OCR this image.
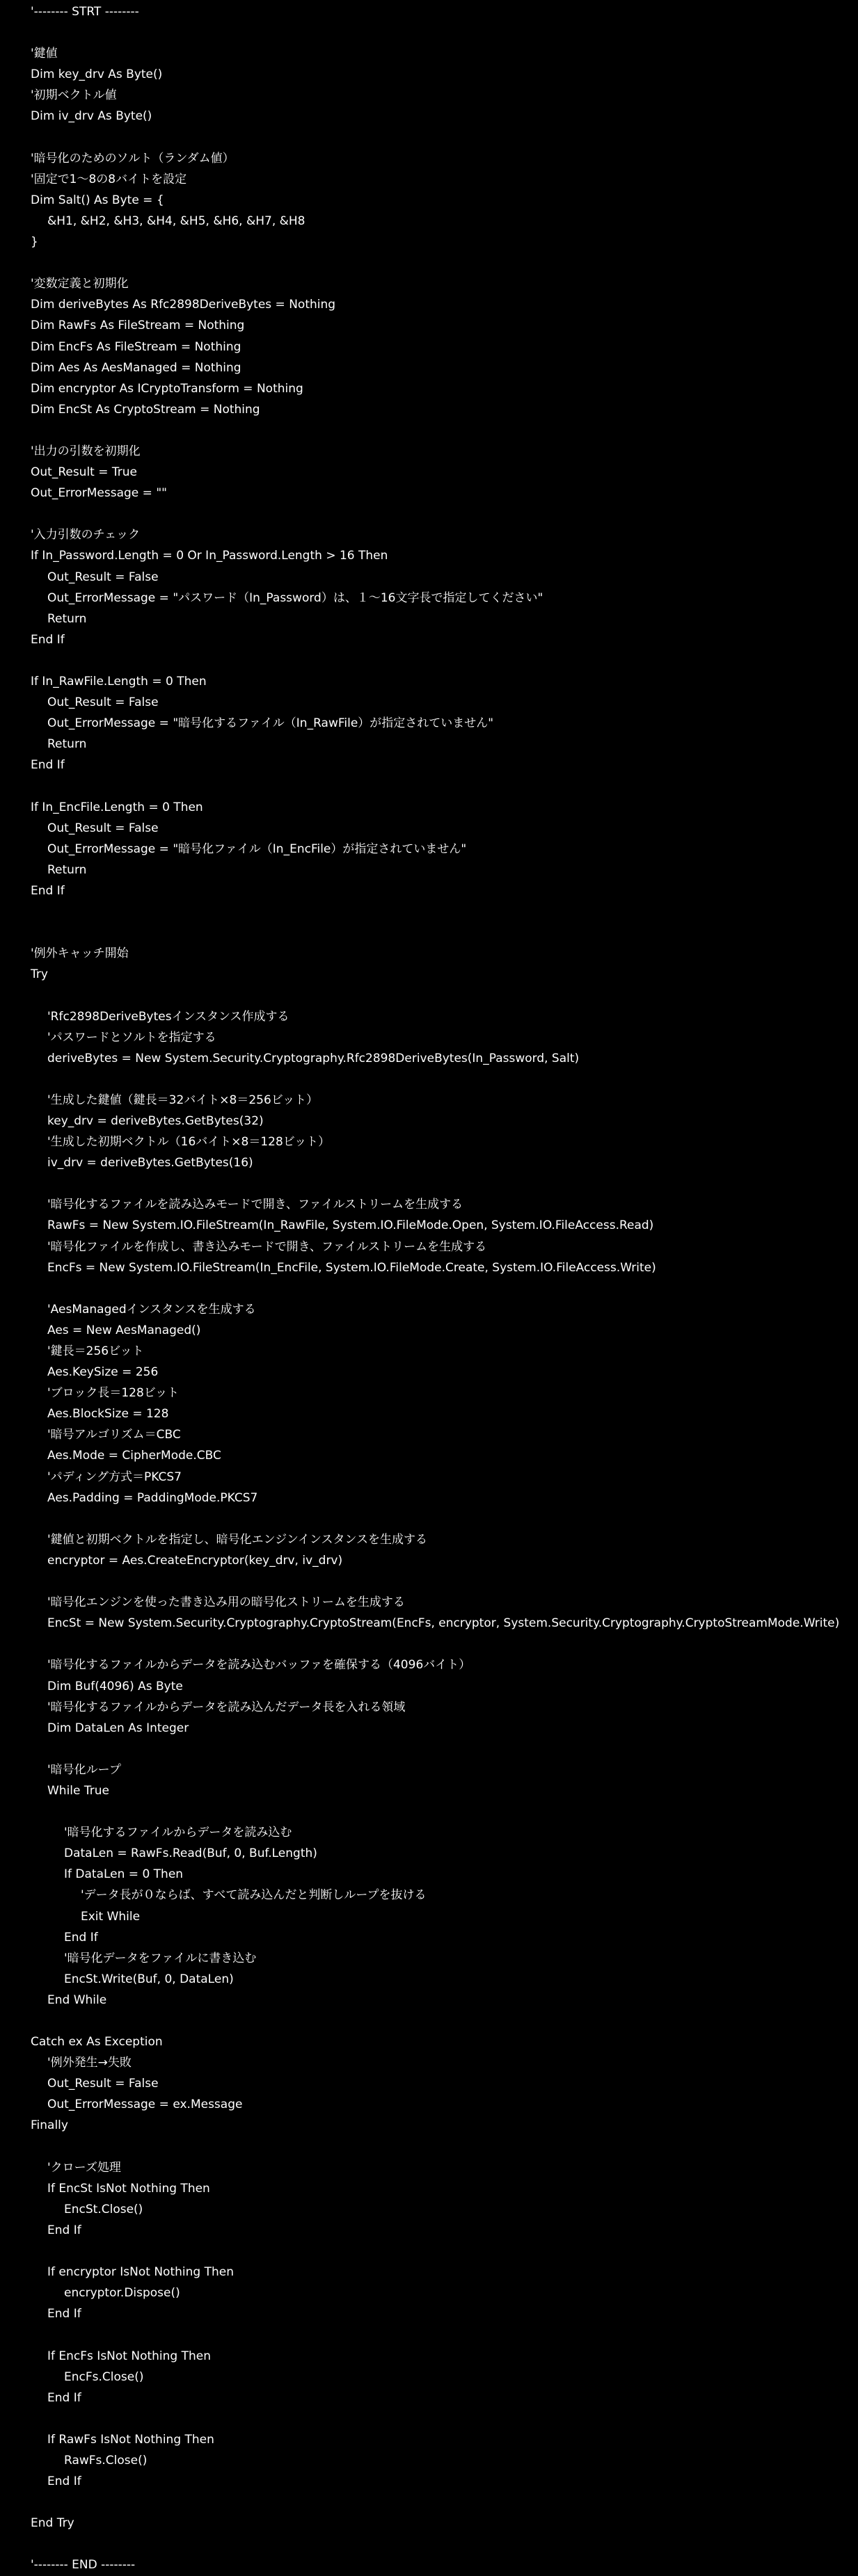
'-------- STRT --------
'鍵値
Dim key_drv As Byte()
'初期ベクトル値
Dim iv_drv As Byte()
'暗号化のためのソルト（ランダム値）
'固定で1～8の8バイトを設定
Dim Salt() As Byte = {
&H1, &H2, &H3, &H4, &H5, &H6, &H7, &H8
}
'変数定義と初期化
Dim deriveBytes As Rfc2898DeriveBytes = Nothing
Dim RawFs As FileStream = Nothing
Dim EncFs As FileStream = Nothing
Dim Aes As AesManaged = Nothing
Dim encryptor As ICryptoTransform = Nothing
Dim EncSt As CryptoStream = Nothing
'出力の引数を初期化
Out_Result = True
Out_ErrorMessage = ""
'入力引数のチェック
If In_Password.Length = 0 Or In_Password.Length > 16 Then
Out_Result = False
Out_ErrorMessage = "パスワード（In_Password）は、１～16文字長で指定してください"
Return
End If
If In_RawFile.Length = 0 Then
Out_Result = False
Out_ErrorMessage = "暗号化するファイル（In_RawFile）が指定されていません"
Return
End If
If In_EncFile.Length = 0 Then
Out_Result = False
Out_ErrorMessage = "暗号化ファイル（In_EncFile）が指定されていません"
Return
End If
'例外キャッチ開始
Try
'Rfc2898DeriveBytesインスタンス作成する
'パスワードとソルトを指定する
deriveBytes = New System.Security.Cryptography.Rfc2898DeriveBytes(In_Password, Salt)
'生成した鍵値（鍵長＝32バイト×8＝256ビット）
key_drv = deriveBytes.GetBytes(32)
'生成した初期ベクトル（16バイト×8＝128ビット）
iv_drv = deriveBytes.GetBytes(16)
'暗号化するファイルを読み込みモードで開き、ファイルストリームを生成する
RawFs = New System.IO.FileStream(In_RawFile, System.IO.FileMode.Open, System.IO.FileAccess.Read)
'暗号化ファイルを作成し、書き込みモードで開き、ファイルストリームを生成する
EncFs = New System.IO.FileStream(In_EncFile, System.IO.FileMode.Create, System.IO.FileAccess.Write)
'AesManagedインスタンスを生成する
Aes = New AesManaged()
'鍵長＝256ビット
Aes.KeySize = 256
'ブロック長＝128ビット
Aes.BlockSize = 128
'暗号アルゴリズム＝CBC
Aes.Mode = CipherMode.CBC
'パディング方式＝PKCS7
Aes.Padding = PaddingMode.PKCS7
'鍵値と初期ベクトルを指定し、暗号化エンジンインスタンスを生成する
encryptor = Aes.CreateEncryptor(key_drv, iv_drv)
'暗号化エンジンを使った書き込み用の暗号化ストリームを生成する
EncSt = New System.Security.Cryptography.CryptoStream(EncFs, encryptor, System.Security.Cryptography.CryptoStreamMode.Write)
'暗号化するファイルからデータを読み込むバッファを確保する（4096バイト）
Dim Buf(4096) As Byte
'暗号化するファイルからデータを読み込んだデータ長を入れる領域
Dim DataLen As Integer
'暗号化ループ
While True
'暗号化するファイルからデータを読み込む
DataLen = RawFs.Read(Buf, 0, Buf.Length)
If DataLen = 0 Then
'データ長が０ならば、すべて読み込んだと判断しループを抜ける
Exit While
End If
'暗号化データをファイルに書き込む
EncSt.Write(Buf, 0, DataLen)
End While
Catch ex As Exception
'例外発生→失敗
Out_Result = False
Out_ErrorMessage = ex.Message
Finally
'クローズ処理
If EncSt IsNot Nothing Then
EncSt.Close()
End If
If encryptor IsNot Nothing Then
encryptor.Dispose()
End If
If EncFs IsNot Nothing Then
EncFs.Close()
End If
If RawFs IsNot Nothing Then
RawFs.Close()
End If
End Try
'-------- END --------
